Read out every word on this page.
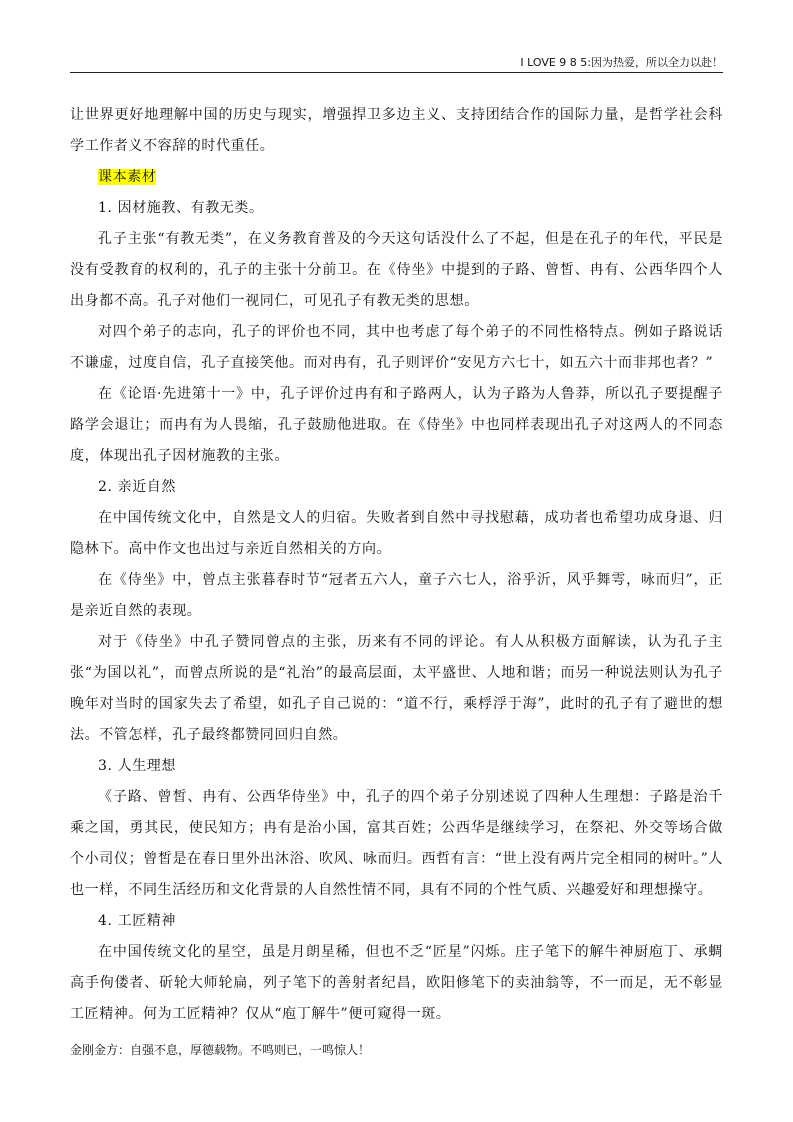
I LOVE 9 8 5:因为热爱，所以全力以赴！

让世界更好地理解中国的历史与现实，增强捍卫多边主义、支持团结合作的国际力量，是哲学社会科学工作者义不容辞的时代重任。

课本素材

1. 因材施教、有教无类。

孔子主张“有教无类”，在义务教育普及的今天这句话没什么了不起，但是在孔子的年代，平民是没有受教育的权利的，孔子的主张十分前卫。在《侍坐》中提到的子路、曾皙、冉有、公西华四个人出身都不高。孔子对他们一视同仁，可见孔子有教无类的思想。

对四个弟子的志向，孔子的评价也不同，其中也考虑了每个弟子的不同性格特点。例如子路说话不谦虚，过度自信，孔子直接笑他。而对冉有，孔子则评价“安见方六七十，如五六十而非邦也者？”

在《论语·先进第十一》中，孔子评价过冉有和子路两人，认为子路为人鲁莽，所以孔子要提醒子路学会退让；而冉有为人畏缩，孔子鼓励他进取。在《侍坐》中也同样表现出孔子对这两人的不同态度，体现出孔子因材施教的主张。

2. 亲近自然

在中国传统文化中，自然是文人的归宿。失败者到自然中寻找慰藉，成功者也希望功成身退、归隐林下。高中作文也出过与亲近自然相关的方向。

在《侍坐》中，曾点主张暮春时节“冠者五六人，童子六七人，浴乎沂，风乎舞雩，咏而归”，正是亲近自然的表现。

对于《侍坐》中孔子赞同曾点的主张，历来有不同的评论。有人从积极方面解读，认为孔子主张“为国以礼”，而曾点所说的是“礼治”的最高层面，太平盛世、人地和谐；而另一种说法则认为孔子晚年对当时的国家失去了希望，如孔子自己说的：“道不行，乘桴浮于海”，此时的孔子有了避世的想法。不管怎样，孔子最终都赞同回归自然。

3. 人生理想

《子路、曾皙、冉有、公西华侍坐》中，孔子的四个弟子分别述说了四种人生理想：子路是治千乘之国，勇其民，使民知方；冉有是治小国，富其百姓；公西华是继续学习，在祭祀、外交等场合做个小司仪；曾皙是在春日里外出沐浴、吹风、咏而归。西哲有言：“世上没有两片完全相同的树叶。”人也一样，不同生活经历和文化背景的人自然性情不同，具有不同的个性气质、兴趣爱好和理想操守。

4. 工匠精神

在中国传统文化的星空，虽是月朗星稀，但也不乏“匠星”闪烁。庄子笔下的解牛神厨庖丁、承蜩高手佝偻者、斫轮大师轮扁，列子笔下的善射者纪昌，欧阳修笔下的卖油翁等，不一而足，无不彰显工匠精神。何为工匠精神？仅从“庖丁解牛”便可窥得一斑。

金刚金方：自强不息，厚德载物。不鸣则已，一鸣惊人！
